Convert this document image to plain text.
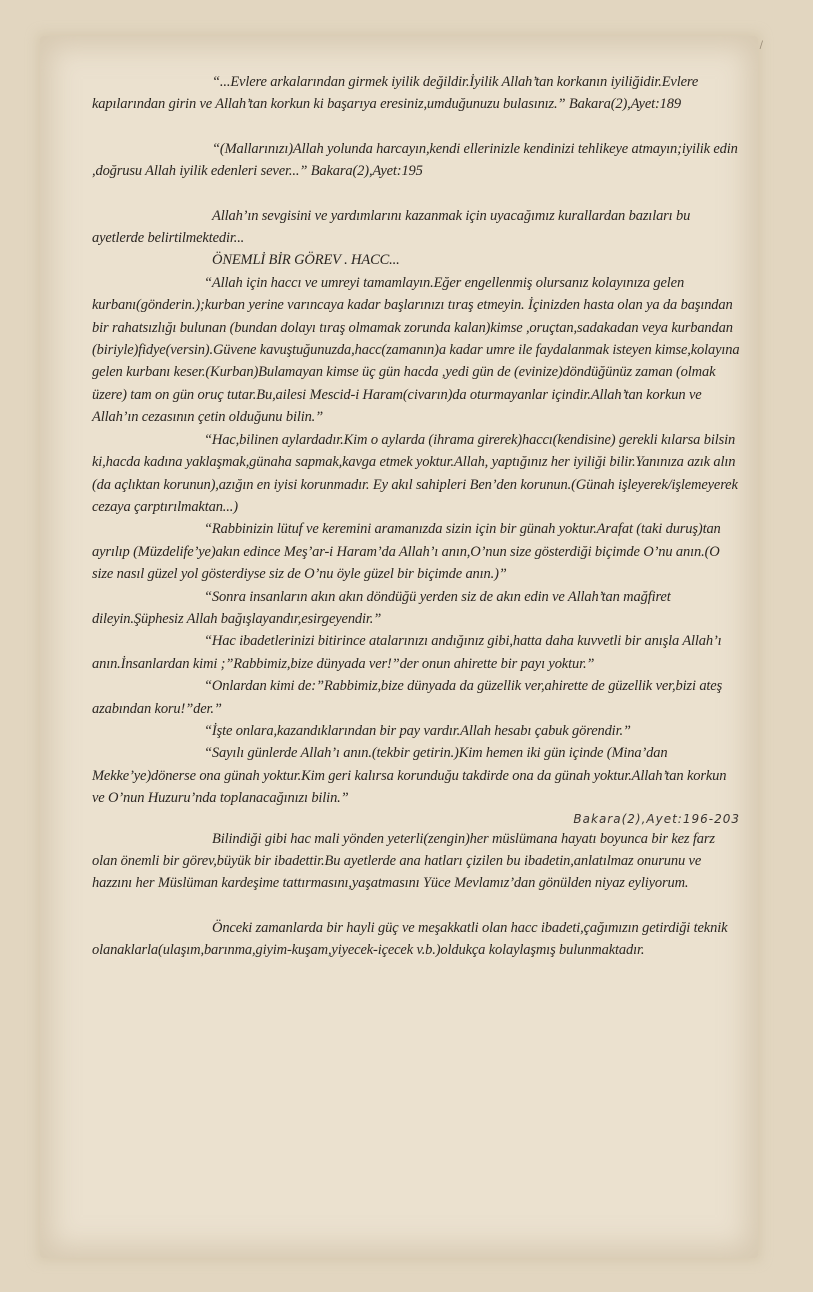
/

“...Evlere arkalarından girmek iyilik değildir.İyilik Allah’tan korkanın iyiliğidir.Evlere kapılarından girin ve Allah’tan korkun ki başarıya eresiniz,umduğunuzu bulasınız.” Bakara(2),Ayet:189

“(Mallarınızı)Allah yolunda harcayın,kendi ellerinizle kendinizi tehlikeye atmayın;iyilik edin ,doğrusu Allah iyilik edenleri sever...” Bakara(2),Ayet:195

Allah’ın sevgisini ve yardımlarını kazanmak için uyacağımız kurallardan bazıları bu ayetlerde belirtilmektedir...

ÖNEMLİ BİR GÖREV . HACC...

“Allah için haccı ve umreyi tamamlayın.Eğer engellenmiş olursanız kolayınıza gelen kurbanı(gönderin.);kurban yerine varıncaya kadar başlarınızı tıraş etmeyin. İçinizden hasta olan ya da başından bir rahatsızlığı bulunan (bundan dolayı tıraş olmamak zorunda kalan)kimse ,oruçtan,sadakadan veya kurbandan (biriyle)fidye(versin).Güvene kavuştuğunuzda,hacc(zamanın)a kadar umre ile faydalanmak isteyen kimse,kolayına gelen kurbanı keser.(Kurban)Bulamayan kimse üç gün hacda ,yedi gün de (evinize)döndüğünüz zaman (olmak üzere) tam on gün oruç tutar.Bu,ailesi Mescid-i Haram(civarın)da oturmayanlar içindir.Allah’tan korkun ve Allah’ın cezasının çetin olduğunu bilin.”

“Hac,bilinen aylardadır.Kim o aylarda (ihrama girerek)haccı(kendisine) gerekli kılarsa bilsin ki,hacda kadına yaklaşmak,günaha sapmak,kavga etmek yoktur.Allah, yaptığınız her iyiliği bilir.Yanınıza azık alın (da açlıktan korunun),azığın en iyisi korunmadır. Ey akıl sahipleri Ben’den korunun.(Günah işleyerek/işlemeyerek cezaya çarptırılmaktan...)

“Rabbinizin lütuf ve keremini aramanızda sizin için bir günah yoktur.Arafat (taki duruş)tan ayrılıp (Müzdelife’ye)akın edince Meş’ar-i Haram’da Allah’ı anın,O’nun size gösterdiği biçimde O’nu anın.(O size nasıl güzel yol gösterdiyse siz de O’nu öyle güzel bir biçimde anın.)”

“Sonra insanların akın akın döndüğü yerden siz de akın edin ve Allah’tan mağfiret dileyin.Şüphesiz Allah bağışlayandır,esirgeyendir.”

“Hac ibadetlerinizi bitirince atalarınızı andığınız gibi,hatta daha kuvvetli bir anışla Allah’ı anın.İnsanlardan kimi ;”Rabbimiz,bize dünyada ver!”der onun ahirette bir payı yoktur.”

“Onlardan kimi de:”Rabbimiz,bize dünyada da güzellik ver,ahirette de güzellik ver,bizi ateş azabından koru!”der.”

“İşte onlara,kazandıklarından bir pay vardır.Allah hesabı çabuk görendir.”

“Sayılı günlerde Allah’ı anın.(tekbir getirin.)Kim hemen iki gün içinde (Mina’dan Mekke’ye)dönerse ona günah yoktur.Kim geri kalırsa korunduğu takdirde ona da günah yoktur.Allah’tan korkun ve O’nun Huzuru’nda toplanacağınızı bilin.”

Bakara(2),Ayet:196-203

Bilindiği gibi hac mali yönden yeterli(zengin)her müslümana hayatı boyunca bir kez farz olan önemli bir görev,büyük bir ibadettir.Bu ayetlerde ana hatları çizilen bu ibadetin,anlatılmaz onurunu ve hazzını her Müslüman kardeşime tattırmasını,yaşatmasını Yüce Mevlamız’dan gönülden niyaz eyliyorum.

Önceki zamanlarda bir hayli güç ve meşakkatli olan hacc ibadeti,çağımızın getirdiği teknik olanaklarla(ulaşım,barınma,giyim-kuşam,yiyecek-içecek v.b.)oldukça kolaylaşmış bulunmaktadır.
